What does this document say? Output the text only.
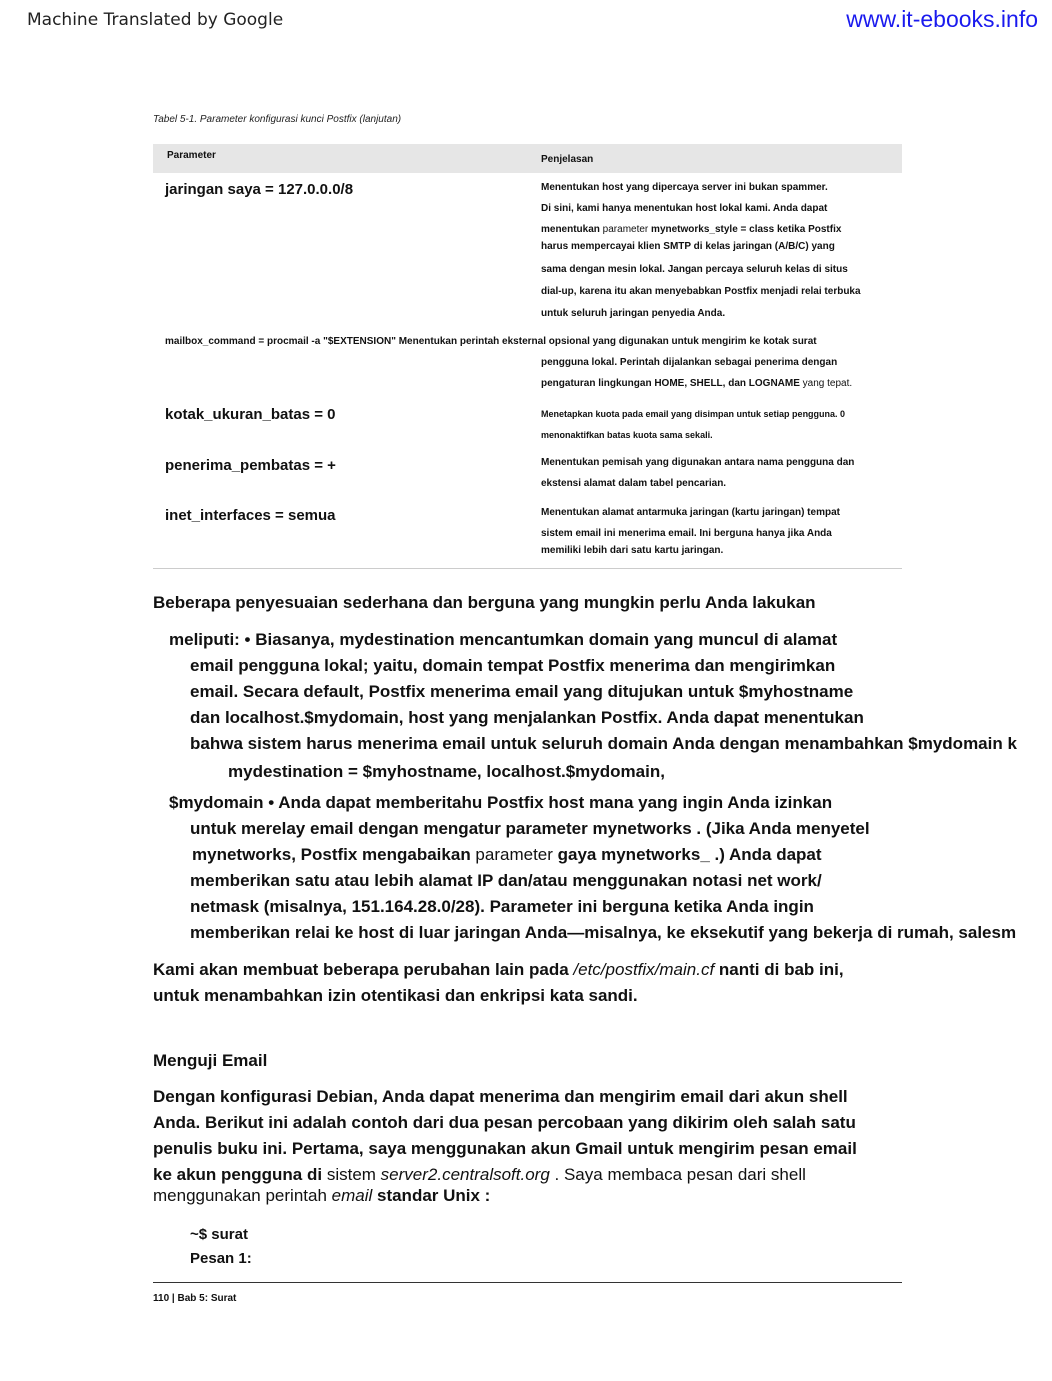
Machine Translated by Google	www.it-ebooks.info
Tabel 5-1. Parameter konfigurasi kunci Postfix (lanjutan)
Parameter	Penjelasan
jaringan saya = 127.0.0.0/8	Menentukan host yang dipercaya server ini bukan spammer.
Di sini, kami hanya menentukan host lokal kami. Anda dapat
menentukan parameter mynetworks_style = class ketika Postfix
harus mempercayai klien SMTP di kelas jaringan (A/B/C) yang
sama dengan mesin lokal. Jangan percaya seluruh kelas di situs
dial-up, karena itu akan menyebabkan Postfix menjadi relai terbuka
untuk seluruh jaringan penyedia Anda.
mailbox_command = procmail -a "$EXTENSION" Menentukan perintah eksternal opsional yang digunakan untuk mengirim ke kotak surat
pengguna lokal. Perintah dijalankan sebagai penerima dengan
pengaturan lingkungan HOME, SHELL, dan LOGNAME yang tepat.
kotak_ukuran_batas = 0	Menetapkan kuota pada email yang disimpan untuk setiap pengguna. 0
menonaktifkan batas kuota sama sekali.
penerima_pembatas = +	Menentukan pemisah yang digunakan antara nama pengguna dan
ekstensi alamat dalam tabel pencarian.
inet_interfaces = semua	Menentukan alamat antarmuka jaringan (kartu jaringan) tempat
sistem email ini menerima email. Ini berguna hanya jika Anda
memiliki lebih dari satu kartu jaringan.
Beberapa penyesuaian sederhana dan berguna yang mungkin perlu Anda lakukan
meliputi: • Biasanya, mydestination mencantumkan domain yang muncul di alamat
email pengguna lokal; yaitu, domain tempat Postfix menerima dan mengirimkan
email. Secara default, Postfix menerima email yang ditujukan untuk $myhostname
dan localhost.$mydomain, host yang menjalankan Postfix. Anda dapat menentukan
bahwa sistem harus menerima email untuk seluruh domain Anda dengan menambahkan $mydomain k
mydestination = $myhostname, localhost.$mydomain,
$mydomain • Anda dapat memberitahu Postfix host mana yang ingin Anda izinkan
untuk merelay email dengan mengatur parameter mynetworks . (Jika Anda menyetel
mynetworks, Postfix mengabaikan parameter gaya mynetworks_ .) Anda dapat
memberikan satu atau lebih alamat IP dan/atau menggunakan notasi net work/
netmask (misalnya, 151.164.28.0/28). Parameter ini berguna ketika Anda ingin
memberikan relai ke host di luar jaringan Anda—misalnya, ke eksekutif yang bekerja di rumah, salesm
Kami akan membuat beberapa perubahan lain pada /etc/postfix/main.cf nanti di bab ini,
untuk menambahkan izin otentikasi dan enkripsi kata sandi.
Menguji Email
Dengan konfigurasi Debian, Anda dapat menerima dan mengirim email dari akun shell
Anda. Berikut ini adalah contoh dari dua pesan percobaan yang dikirim oleh salah satu
penulis buku ini. Pertama, saya menggunakan akun Gmail untuk mengirim pesan email
ke akun pengguna di sistem server2.centralsoft.org . Saya membaca pesan dari shell
menggunakan perintah email standar Unix :
~$ surat
Pesan 1:
110 | Bab 5: Surat
